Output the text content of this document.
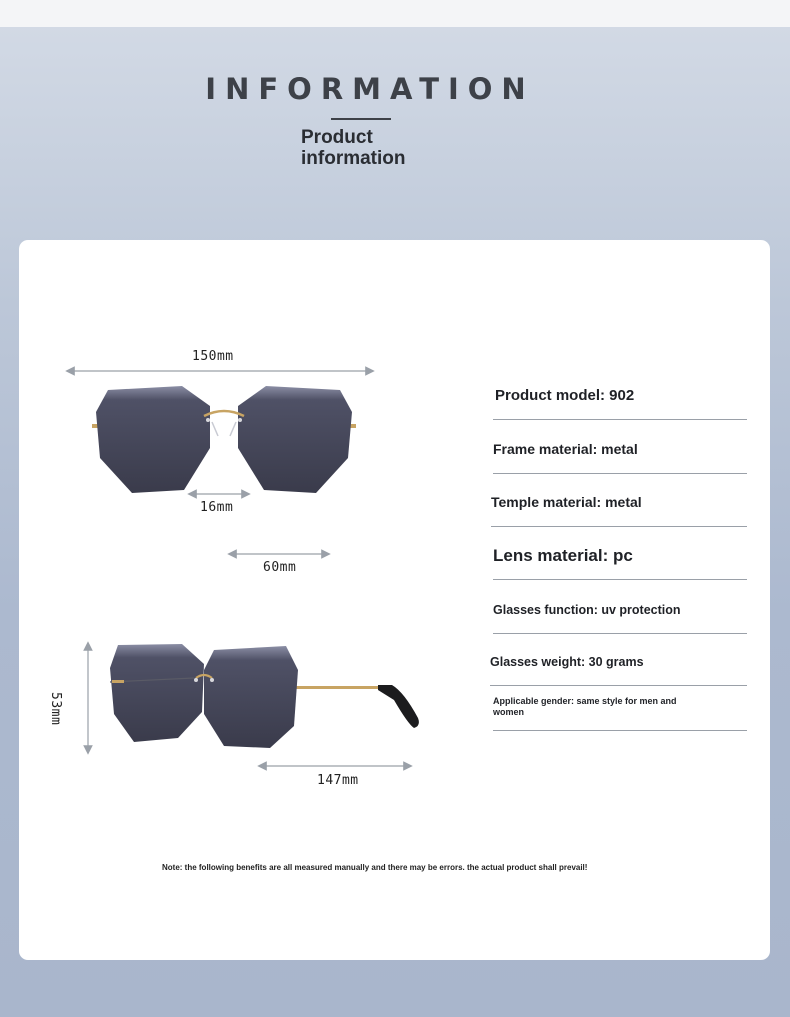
INFORMATION
Product
information
150mm
16mm
60mm
53mm
147mm
Product model: 902
Frame material: metal
Temple material: metal
Lens material: pc
Glasses function: uv protection
Glasses weight: 30 grams
Applicable gender: same style for men and women
Note: the following benefits are all measured manually and there may be errors. the actual product shall prevail!
